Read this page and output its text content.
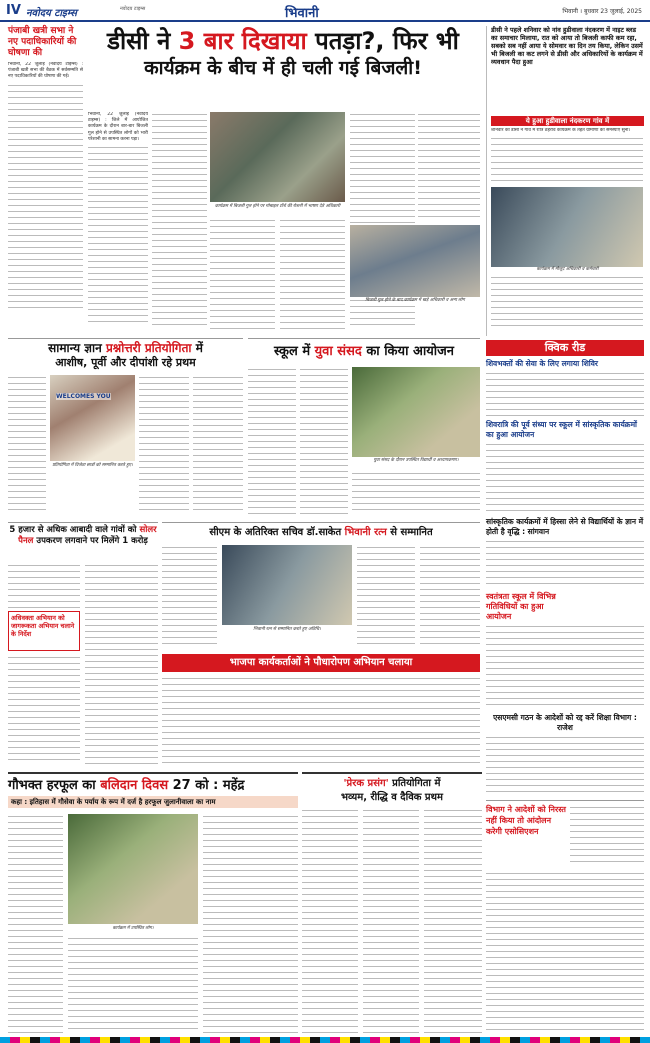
IV नवोदय टाइम्स	नवोदय टाइम्स	भिवानी	भिवानी । बुधवार 23 जुलाई, 2025
पंजाबी खत्री सभा ने नए पदाधिकारियों की घोषणा की
भिवानी, 22 जुलाई (नवोदय टाइम्स) : पंजाबी खत्री सभा की बैठक में सर्वसम्मति से नए पदाधिकारियों की घोषणा की गई।
डीसी ने 3 बार दिखाया पतड़ा?, फिर भी
कार्यक्रम के बीच में ही चली गई बिजली!
भिवानी, 22 जुलाई (नवोदय टाइम्स) : जिले में आयोजित कार्यक्रम के दौरान बार-बार बिजली गुल होने से उपस्थित लोगों को भारी परेशानी का सामना करना पड़ा।
कार्यक्रम में बिजली गुल होने पर मोबाइल टॉर्च की रोशनी में भाषण देते अधिकारी
बिजली गुल होने के बाद कार्यक्रम में खड़े अधिकारी व अन्य लोग
डीसी ने पहले शनिवार को नांव हुडीवाला नंदकरण में नाइट ब्लड का समाचार मिलाया, रात को आया तो बिजली काफी कम रहा, सबको सब नहीं आया ये सोमवार का दिन तय किया, लेकिन उसमें भी बिजली का कट लगने से डीसी और अधिकारियों के कार्यक्रम में व्यवधान पैदा हुआ
ये हुआ हुडीवाला नंदकरण गांव में
शनिवार को डीसी ने गांव में रात्रि ठहराव कार्यक्रम के तहत ग्रामीणों की समस्याएं सुनीं।
कार्यक्रम में मौजूद अधिकारी व कर्मचारी
सामान्य ज्ञान प्रश्नोत्तरी प्रतियोगिता में
आशीष, पूर्वी और दीपांशी रहे प्रथम
WELCOMES YOU
प्रतियोगिता में विजेता छात्रों को सम्मानित करते हुए।
स्कूल में युवा संसद का किया आयोजन
युवा संसद के दौरान उपस्थित विद्यार्थी व अध्यापकगण।
क्विक रीड
शिवभक्तों की सेवा के लिए लगाया शिविर
शिवरात्रि की पूर्व संध्या पर स्कूल में सांस्कृतिक कार्यक्रमों का हुआ आयोजन
सांस्कृतिक कार्यक्रमों में हिस्सा लेने से विद्यार्थियों के ज्ञान में होती है वृद्धि : सांगवान
स्वतंत्रता स्कूल में विभिन्न गतिविधियों का हुआ आयोजन
एसएमसी गठन के आदेशों को रद्द करें शिक्षा विभाग : राजेश
5 हजार से अधिक आबादी वाले गांवों को सोलर पैनल उपकरण लगवाने पर मिलेंगे 1 करोड़
अधिवक्ता अभियान को जागरूकता अभियान चलाने के निर्देश
सीएम के अतिरिक्त सचिव डॉ.साकेत भिवानी रत्न से सम्मानित
भिवानी रत्न से सम्मानित करते हुए अतिथि।
भाजपा कार्यकर्ताओं ने पौधारोपण अभियान चलाया
गौभक्त हरफूल का बलिदान दिवस 27 को : महेंद्र
कहा : इतिहास में गौसेवा के पर्याय के रूप में दर्ज है हरफूल जुलानीवाला का नाम
कार्यक्रम में उपस्थित लोग।
'प्रेरक प्रसंग' प्रतियोगिता में
भव्यम, रीद्धि व दैविक प्रथम
विभाग ने आदेशों को निरस्त नहीं किया तो आंदोलन करेगी एसोसिएशन
